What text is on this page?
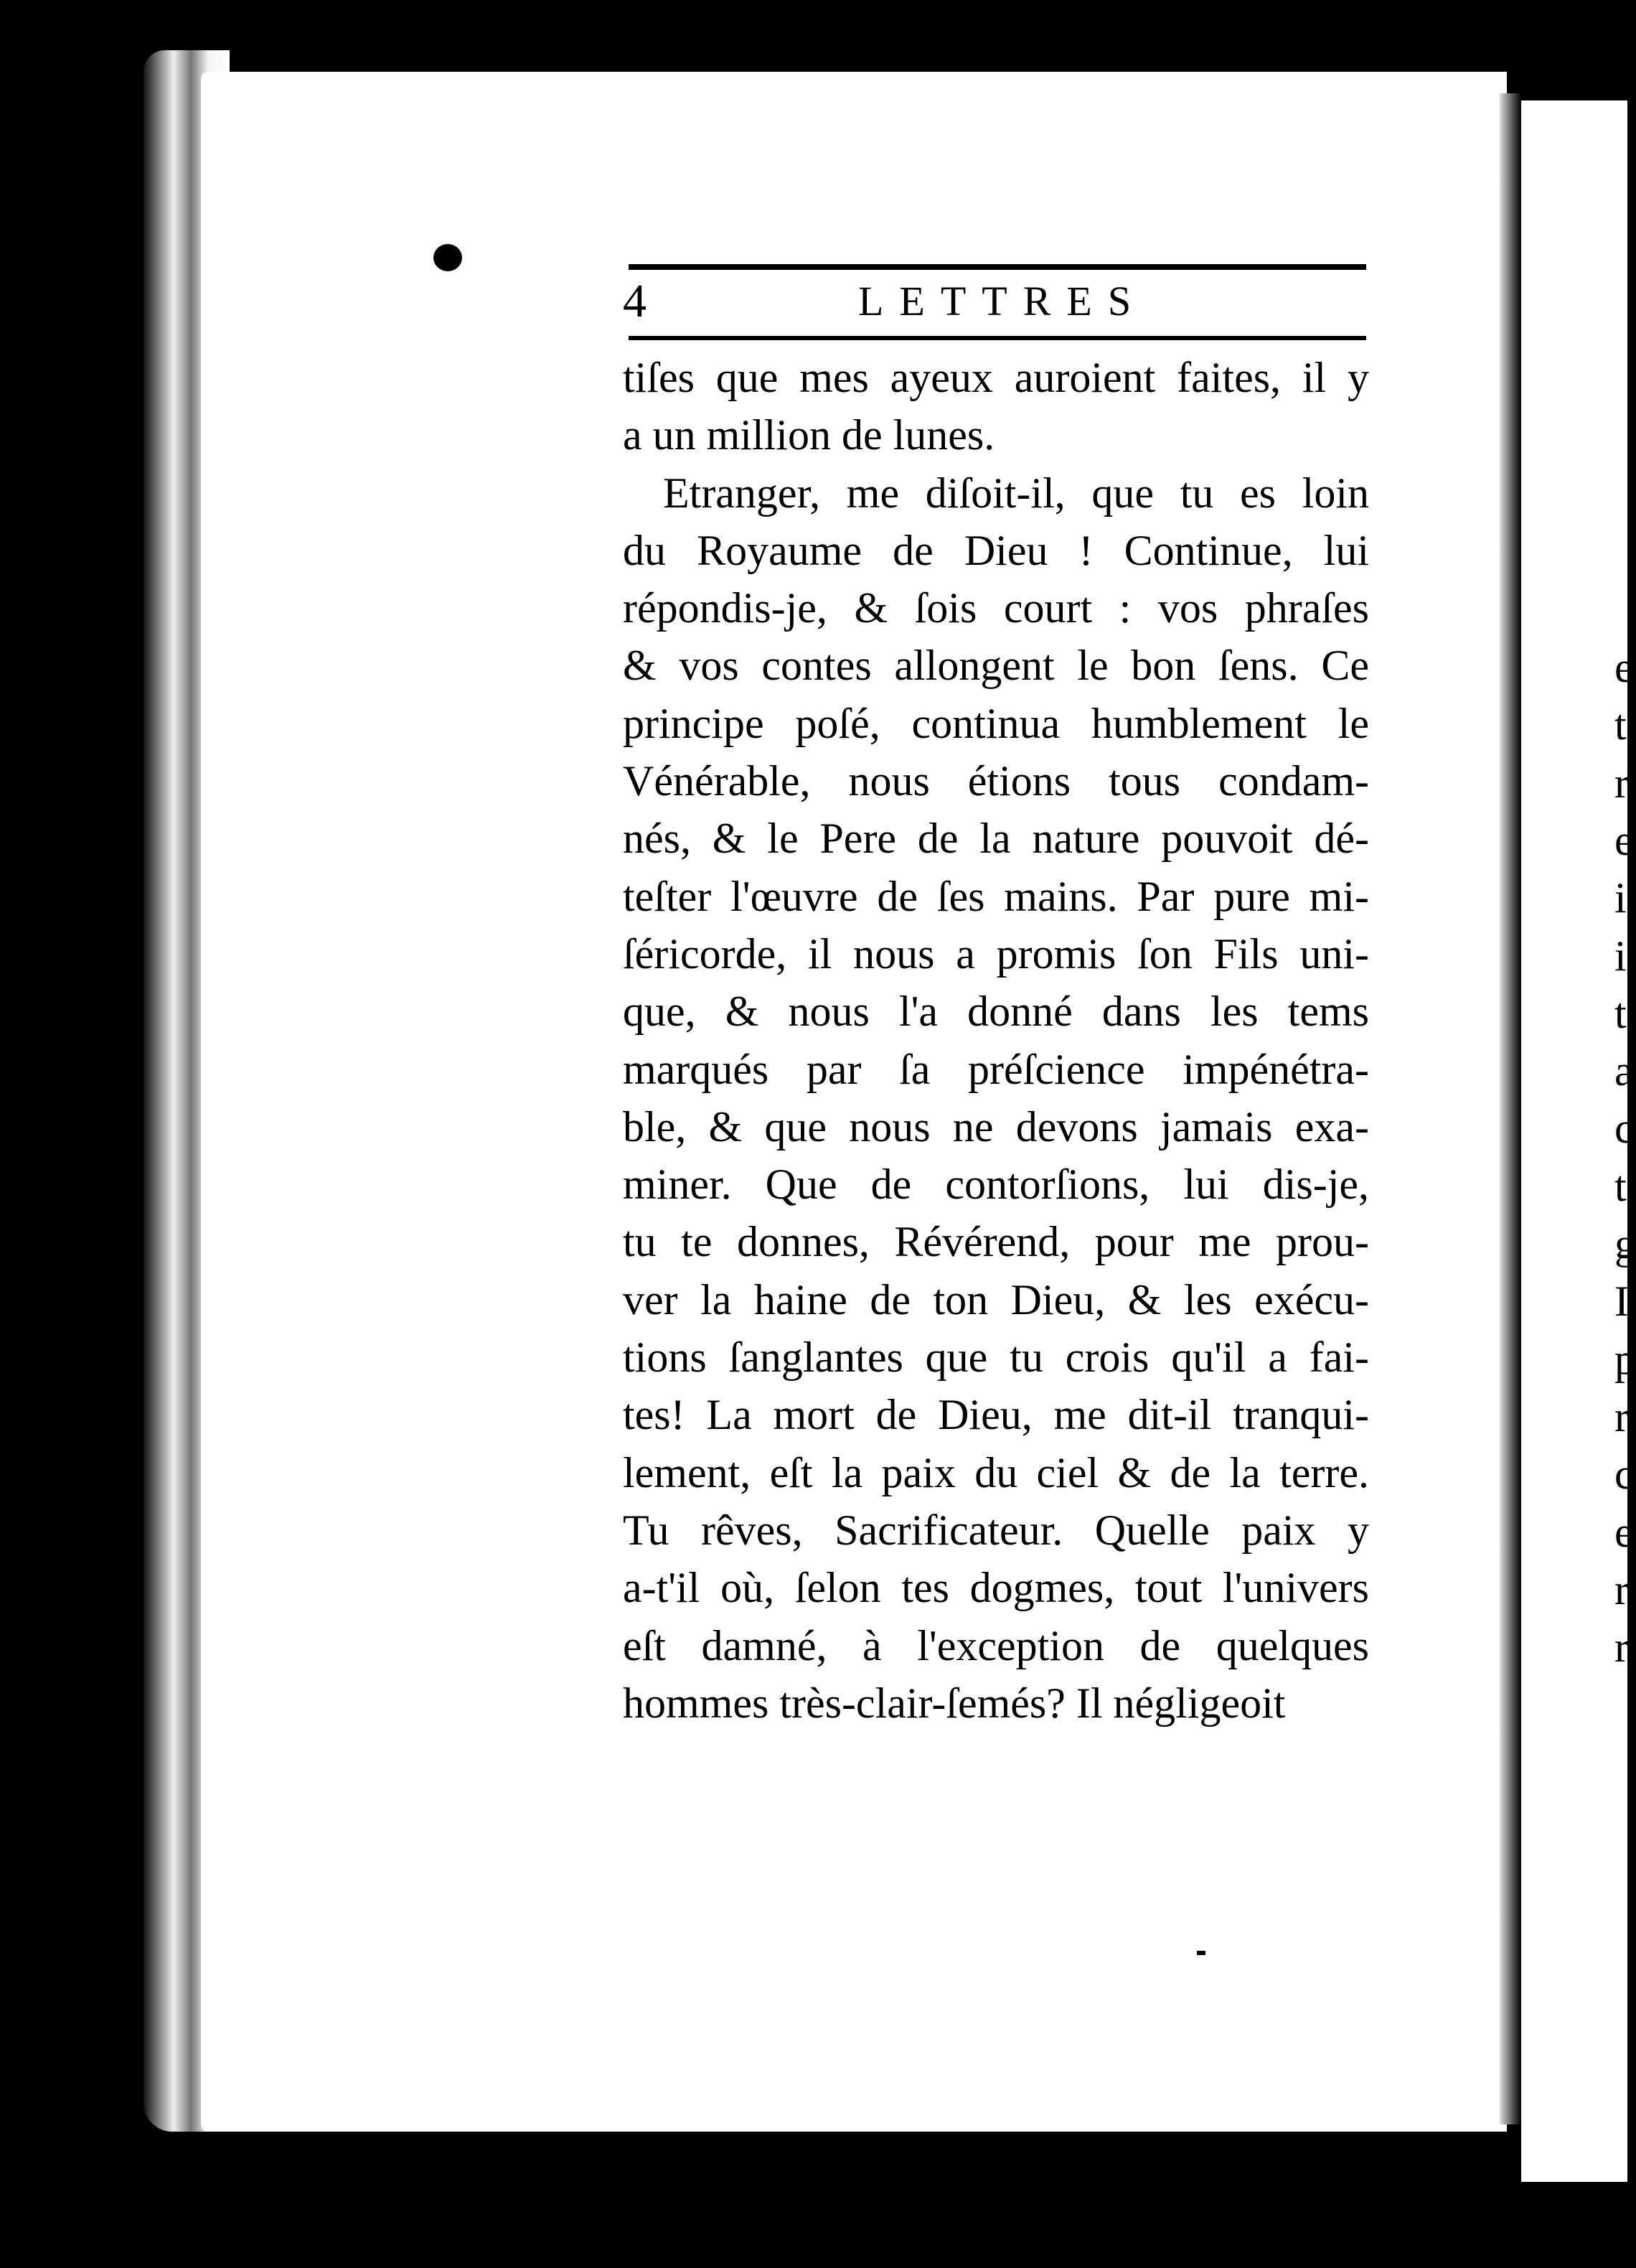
e
t
r
e
i
i
t
a
c
t
g
I
p
r
c
e
r
r
4	LETTRES
tiſes que mes ayeux auroient faites, il y
a un million de lunes.
Etranger, me diſoit-il, que tu es loin
du Royaume de Dieu ! Continue, lui
répondis-je, & ſois court : vos phraſes
& vos contes allongent le bon ſens. Ce
principe poſé, continua humblement le
Vénérable, nous étions tous condam-
nés, & le Pere de la nature pouvoit dé-
teſter l'œuvre de ſes mains. Par pure mi-
ſéricorde, il nous a promis ſon Fils uni-
que, & nous l'a donné dans les tems
marqués par ſa préſcience impénétra-
ble, & que nous ne devons jamais exa-
miner. Que de contorſions, lui dis-je,
tu te donnes, Révérend, pour me prou-
ver la haine de ton Dieu, & les exécu-
tions ſanglantes que tu crois qu'il a fai-
tes! La mort de Dieu, me dit-il tranqui-
lement, eſt la paix du ciel & de la terre.
Tu rêves, Sacrificateur. Quelle paix y
a-t'il où, ſelon tes dogmes, tout l'univers
eſt damné, à l'exception de quelques
hommes très-clair-ſemés? Il négligeoit
